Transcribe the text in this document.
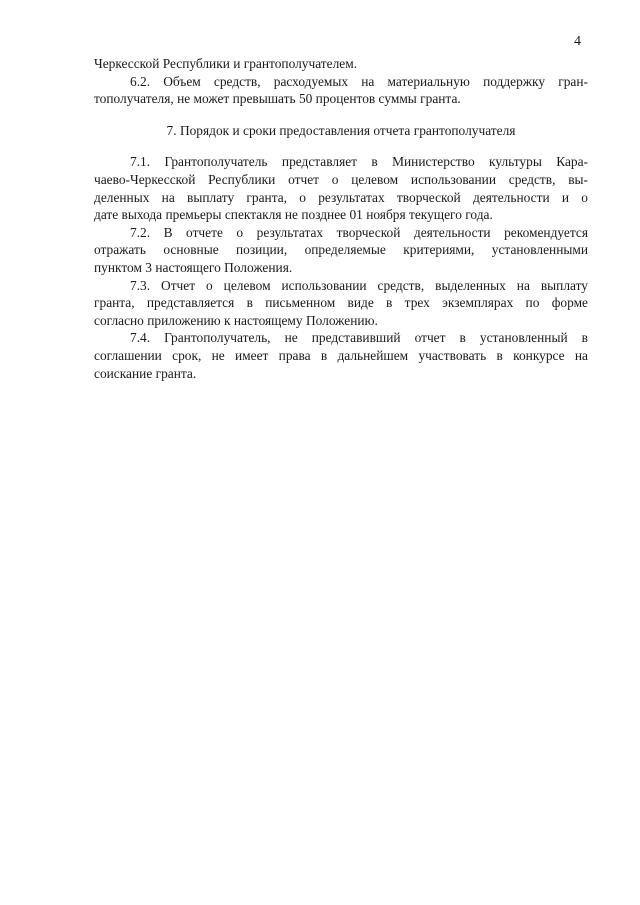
4
Черкесской Республики и грантополучателем.
6.2. Объем средств, расходуемых на материальную поддержку гран-
тополучателя, не может превышать 50 процентов суммы гранта.
7. Порядок и сроки предоставления отчета грантополучателя
7.1. Грантополучатель представляет в Министерство культуры Кара-
чаево-Черкесской Республики отчет о целевом использовании средств, вы-
деленных на выплату гранта, о результатах творческой деятельности и о
дате выхода премьеры спектакля не позднее 01 ноября текущего года.
7.2. В отчете о результатах творческой деятельности рекомендуется
отражать основные позиции, определяемые критериями, установленными
пунктом 3 настоящего Положения.
7.3. Отчет о целевом использовании средств, выделенных на выплату
гранта, представляется в письменном виде в трех экземплярах по форме
согласно приложению к настоящему Положению.
7.4. Грантополучатель, не представивший отчет в установленный в
соглашении срок, не имеет права в дальнейшем участвовать в конкурсе на
соискание гранта.
